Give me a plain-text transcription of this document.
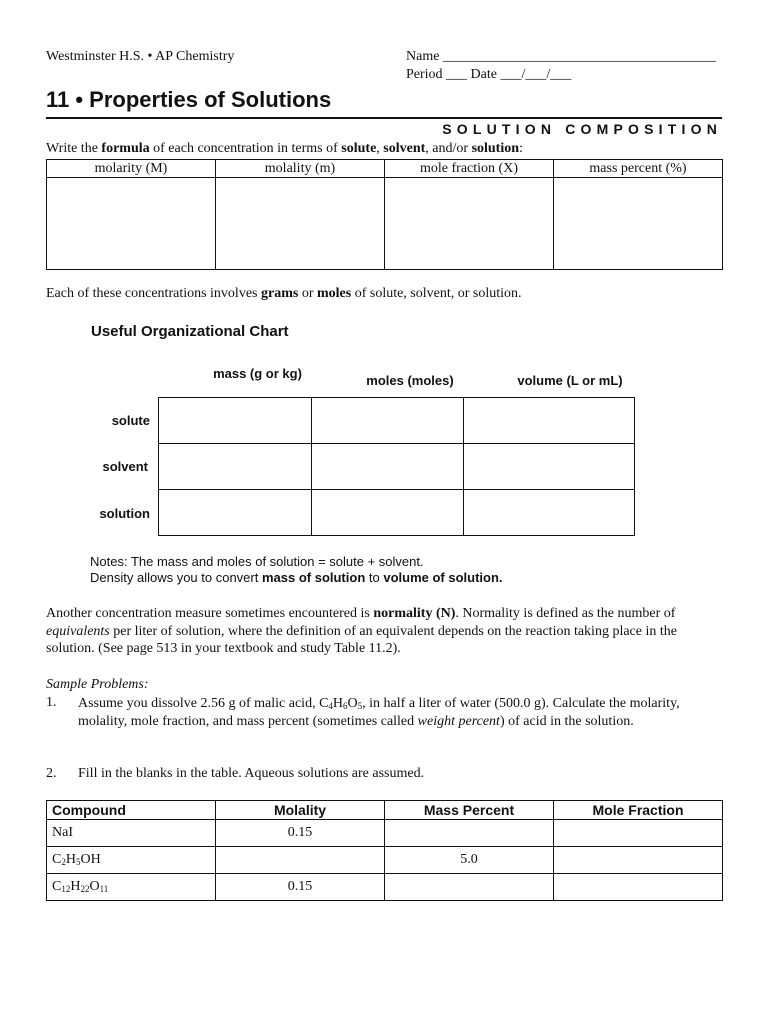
Westminster H.S. • AP Chemistry	Name _______________________________________
Period ___ Date ___/___/___
11 • Properties of Solutions
SOLUTION COMPOSITION
Write the formula of each concentration in terms of solute, solvent, and/or solution:
molarity (M)	molality (m)	mole fraction (X)	mass percent (%)

Each of these concentrations involves grams or moles of solute, solvent, or solution.
Useful Organizational Chart
mass (g or kg)	moles (moles)	volume (L or mL)
solute
solvent
solution

Notes: The mass and moles of solution = solute + solvent.
Density allows you to convert mass of solution to volume of solution.
Another concentration measure sometimes encountered is normality (N). Normality is defined as the number of equivalents per liter of solution, where the definition of an equivalent depends on the reaction taking place in the solution. (See page 513 in your textbook and study Table 11.2).
Sample Problems:
1. Assume you dissolve 2.56 g of malic acid, $C_4H_6O_5$, in half a liter of water (500.0 g). Calculate the molarity, molality, mole fraction, and mass percent (sometimes called weight percent) of acid in the solution.
2. Fill in the blanks in the table. Aqueous solutions are assumed.
Compound	Molality	Mass Percent	Mole Fraction
NaI	0.15		
$C_2H_5OH$		5.0	
$C_{12}H_{22}O_{11}$	0.15		
